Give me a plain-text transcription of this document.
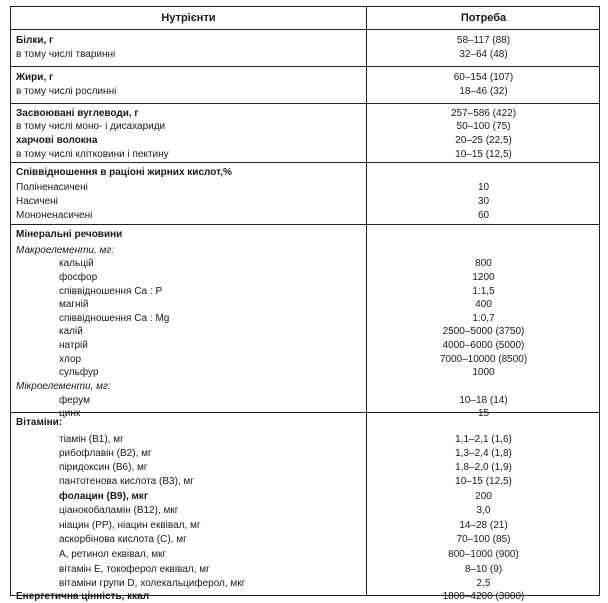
Нутрієнти	Потреба
Білки, г	58–117 (88)
в тому числі тваринні	32–64 (48)
Жири, г	60–154 (107)
в тому числі рослинні	18–46 (32)
Засвоювані вуглеводи, г	257–586 (422)
в тому числі моно- і дисахариди	50–100 (75)
харчові волокна	20–25 (22,5)
в тому числі клітковини і пектину	10–15 (12,5)
Співвідношення в раціоні жирних кислот,%
Поліненасичені	10
Насичені	30
Мононенасичені	60
Мінеральні речовини
Макроелементи, мг:
кальцій	800
фосфор	1200
співвідношення Са : Р	1:1,5
магній	400
співвідношення Са : Mg	1:0,7
калій	2500–5000 (3750)
натрій	4000–6000 (5000)
хлор	7000–10000 (8500)
сульфур	1000
Мікроелементи, мг:
ферум	10–18 (14)
цинк	15
Вітаміни:
тіамін (В1), мг	1,1–2,1 (1,6)
рибофлавін (В2), мг	1,3–2,4 (1,8)
піридоксин (В6), мг	1,8–2,0 (1,9)
пантотенова кислота (В3), мг	10–15 (12,5)
фолацин (В9), мкг	200
ціанокобаламін (В12), мкг	3,0
ніацин (РР), ніацин еквівал, мг	14–28 (21)
аскорбінова кислота (С), мг	70–100 (85)
А, ретинол еквівал, мкг	800–1000 (900)
вітамін Е, токоферол еквівал, мг	8–10 (9)
вітаміни групи D, холекальциферол, мкг	2,5
Енергетична цінність, ккал	1800–4200 (3000)
